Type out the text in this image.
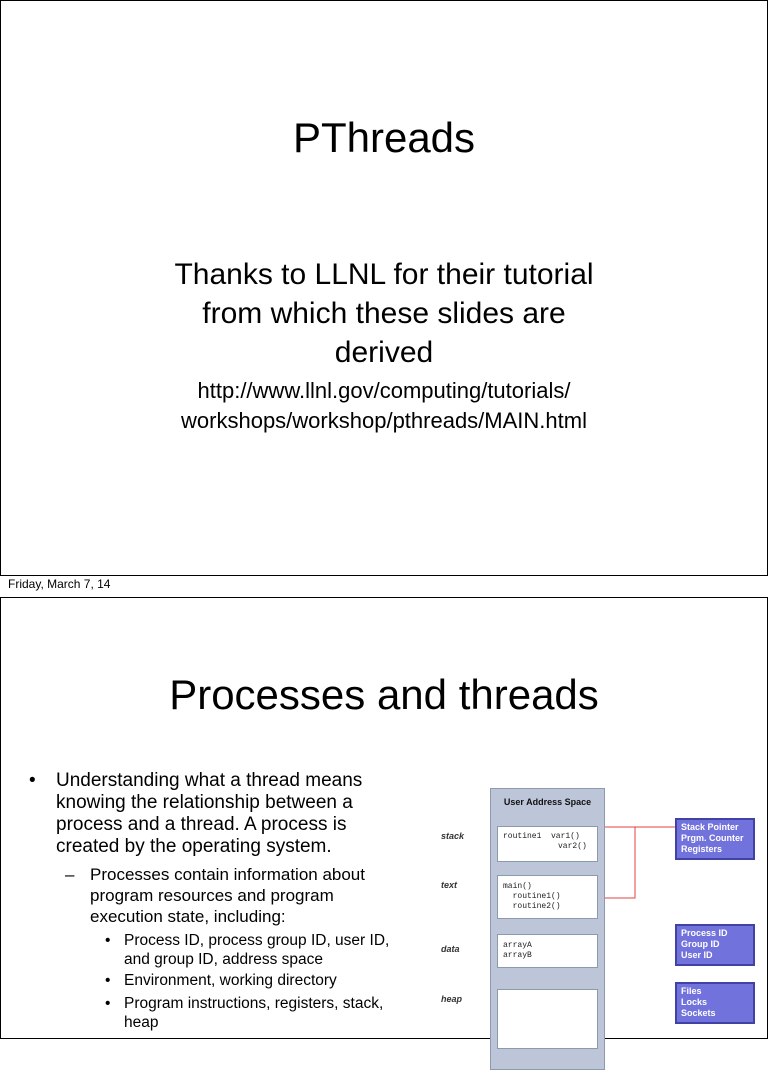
PThreads
Thanks to LLNL for their tutorial
from which these slides are
derived
http://www.llnl.gov/computing/tutorials/
workshops/workshop/pthreads/MAIN.html
Friday, March 7, 14
Processes and threads
• Understanding what a thread means
knowing the relationship between a
process and a thread. A process is
created by the operating system.
– Processes contain information about
program resources and program
execution state, including:
• Process ID, process group ID, user ID,
and group ID, address space
• Environment, working directory
• Program instructions, registers, stack,
heap
User Address Space
routine1 var1()
var2()
main()
routine1()
routine2()
arrayA
arrayB
stack
text
data
heap
Stack Pointer
Prgm. Counter
Registers
Process ID
Group ID
User ID
Files
Locks
Sockets
